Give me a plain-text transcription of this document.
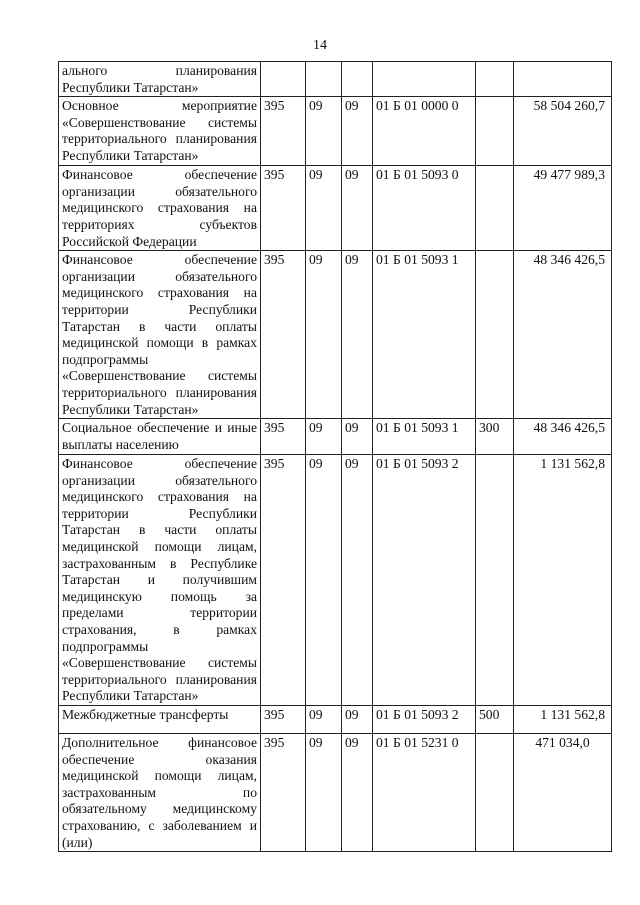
14
ального планирования Республики Татарстан»						
Основное мероприятие «Совершенствование системы территориального планирования Республики Татарстан»	395	09	09	01 Б 01 0000 0		58 504 260,7
Финансовое обеспечение организации обязательного медицинского страхования на территориях субъектов Российской Федерации	395	09	09	01 Б 01 5093 0		49 477 989,3
Финансовое обеспечение организации обязательного медицинского страхования на территории Республики Татарстан в части оплаты медицинской помощи в рамках подпрограммы «Совершенствование системы территориального планирования Республики Татарстан»	395	09	09	01 Б 01 5093 1		48 346 426,5
Социальное обеспечение и иные выплаты населению	395	09	09	01 Б 01 5093 1	300	48 346 426,5
Финансовое обеспечение организации обязательного медицинского страхования на территории Республики Татарстан в части оплаты медицинской помощи лицам, застрахованным в Республике Татарстан и получившим медицинскую помощь за пределами территории страхования, в рамках подпрограммы «Совершенствование системы территориального планирования Республики Татарстан»	395	09	09	01 Б 01 5093 2		1 131 562,8
Межбюджетные трансферты	395	09	09	01 Б 01 5093 2	500	1 131 562,8
Дополнительное финансовое обеспечение оказания медицинской помощи лицам, застрахованным по обязательному медицинскому страхованию, с заболеванием и (или)	395	09	09	01 Б 01 5231 0		471 034,0
